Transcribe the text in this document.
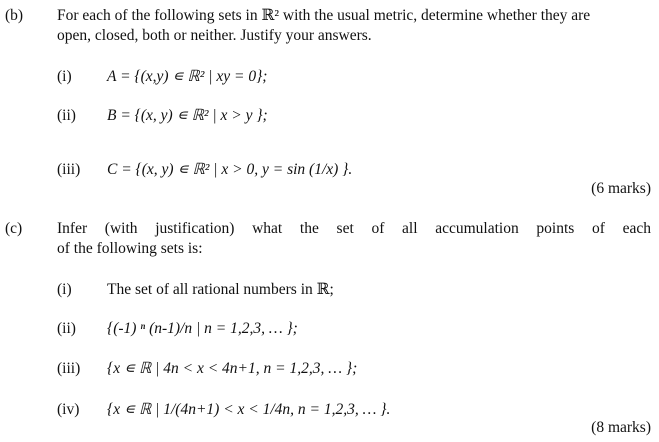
(b) For each of the following sets in ℝ² with the usual metric, determine whether they are
open, closed, both or neither. Justify your answers.
(i) A = {(x,y) ∊ ℝ² | xy = 0};
(ii) B = {(x, y) ∊ ℝ² | x > y };
(iii) C = {(x, y) ∊ ℝ² | x > 0, y = sin (1/x) }.
(6 marks)
(c) Infer (with justification) what the set of all accumulation points of each
of the following sets is:
(i) The set of all rational numbers in ℝ;
(ii) {(-1) ⁿ (n-1)/n | n = 1,2,3, … };
(iii) {x ∊ ℝ | 4n < x < 4n+1, n = 1,2,3, … };
(iv) {x ∊ ℝ | 1/(4n+1) < x < 1/4n, n = 1,2,3, … }.
(8 marks)
